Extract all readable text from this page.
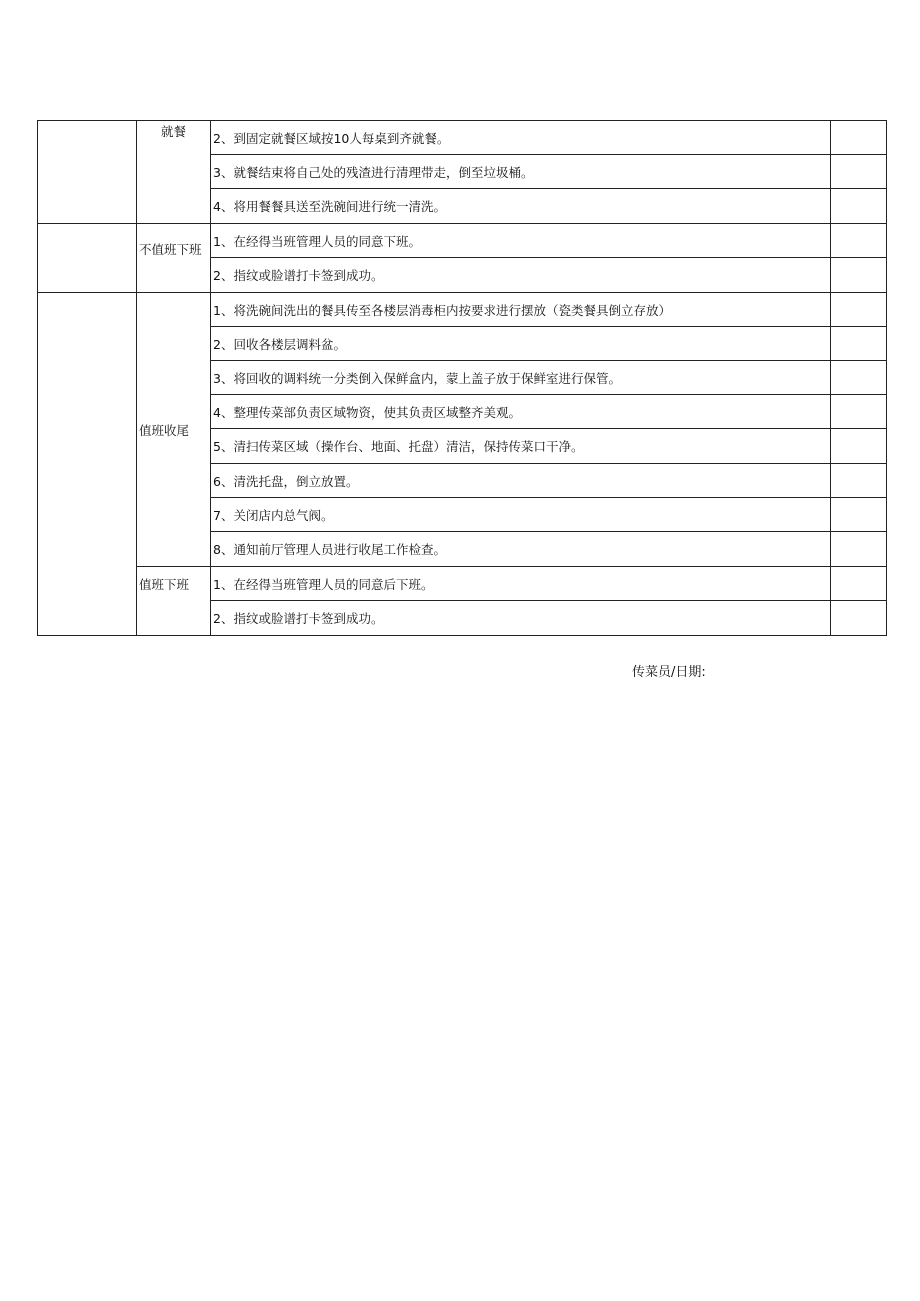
	就餐	2、到固定就餐区域按10人每桌到齐就餐。	
		3、就餐结束将自己处的残渣进行清理带走，倒至垃圾桶。	
		4、将用餐餐具送至洗碗间进行统一清洗。	

	不值班下班	1、在经得当班管理人员的同意下班。	
		2、指纹或脸谱打卡签到成功。	

	值班收尾	1、将洗碗间洗出的餐具传至各楼层消毒柜内按要求进行摆放（瓷类餐具倒立存放）	
		2、回收各楼层调料盆。	
		3、将回收的调料统一分类倒入保鲜盒内，蒙上盖子放于保鲜室进行保管。	
		4、整理传菜部负责区域物资，使其负责区域整齐美观。	
		5、清扫传菜区域（操作台、地面、托盘）清洁，保持传菜口干净。	
		6、清洗托盘，倒立放置。	
		7、关闭店内总气阀。	
		8、通知前厅管理人员进行收尾工作检查。	

	值班下班	1、在经得当班管理人员的同意后下班。	
		2、指纹或脸谱打卡签到成功。	
传菜员/日期:
